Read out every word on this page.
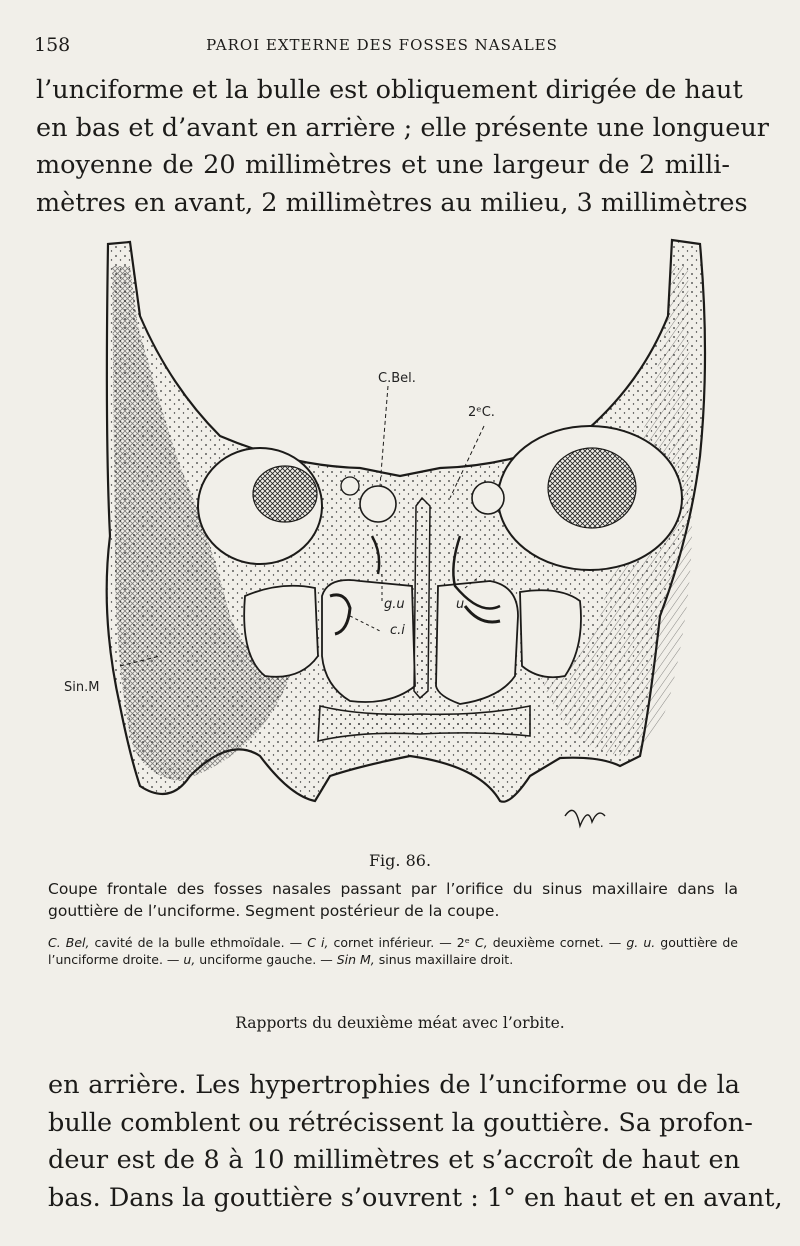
158	PAROI EXTERNE DES FOSSES NASALES
l’unciforme et la bulle est obliquement dirigée de haut
en bas et d’avant en arrière ; elle présente une longueur
moyenne de 20 millimètres et une largeur de 2 milli-
mètres en avant, 2 millimètres au milieu, 3 millimètres
C.Bel.
2ᵉC.
g.u	u
c.i
Sin.M
Fig. 86.
Coupe frontale des fosses nasales passant par l’orifice du sinus maxillaire dans la gouttière de l’unciforme. Segment postérieur de la coupe.
C. Bel, cavité de la bulle ethmoïdale. — C i, cornet inférieur. — 2ᵉ C, deuxième cornet. — g. u. gouttière de l’unciforme droite. — u, unciforme gauche. — Sin M, sinus maxillaire droit.
Rapports du deuxième méat avec l’orbite.
en arrière. Les hypertrophies de l’unciforme ou de la
bulle comblent ou rétrécissent la gouttière. Sa profon-
deur est de 8 à 10 millimètres et s’accroît de haut en
bas. Dans la gouttière s’ouvrent : 1° en haut et en avant,
